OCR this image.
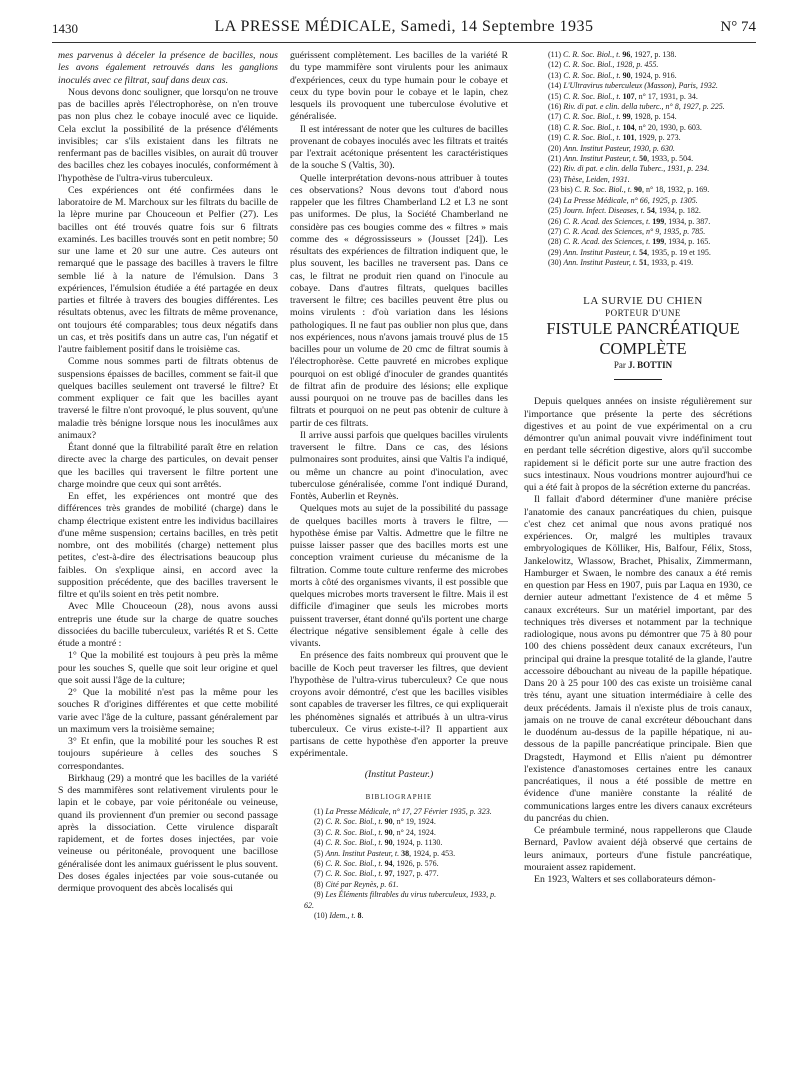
1430	LA PRESSE MÉDICALE, Samedi, 14 Septembre 1935	N° 74

mes parvenus à déceler la présence de bacilles, nous les avons également retrouvés dans les ganglions inoculés avec ce filtrat, sauf dans deux cas.

Nous devons donc souligner, que lorsqu'on ne trouve pas de bacilles après l'électrophorèse, on n'en trouve pas non plus chez le cobaye inoculé avec ce liquide. Cela exclut la possibilité de la présence d'éléments invisibles; car s'ils existaient dans les filtrats ne renfermant pas de bacilles visibles, on aurait dû trouver des bacilles chez les cobayes inoculés, conformément à l'hypothèse de l'ultra-virus tuberculeux.

Ces expériences ont été confirmées dans le laboratoire de M. Marchoux sur les filtrats du bacille de la lèpre murine par Chouceoun et Pelfier (27). Les bacilles ont été trouvés quatre fois sur 6 filtrats examinés. Les bacilles trouvés sont en petit nombre; 50 sur une lame et 20 sur une autre. Ces auteurs ont remarqué que le passage des bacilles à travers le filtre semble lié à la nature de l'émulsion. Dans 3 expériences, l'émulsion étudiée a été partagée en deux parties et filtrée à travers des bougies différentes. Les résultats obtenus, avec les filtrats de même provenance, ont toujours été comparables; tous deux négatifs dans un cas, et très positifs dans un autre cas, l'un négatif et l'autre faiblement positif dans le troisième cas.

Comme nous sommes parti de filtrats obtenus de suspensions épaisses de bacilles, comment se fait-il que quelques bacilles seulement ont traversé le filtre? Et comment expliquer ce fait que les bacilles ayant traversé le filtre n'ont provoqué, le plus souvent, qu'une maladie très bénigne lorsque nous les inoculâmes aux animaux?

Étant donné que la filtrabilité paraît être en relation directe avec la charge des particules, on devait penser que les bacilles qui traversent le filtre portent une charge moindre que ceux qui sont arrêtés.

En effet, les expériences ont montré que des différences très grandes de mobilité (charge) dans le champ électrique existent entre les individus bacillaires d'une même suspension; certains bacilles, en très petit nombre, ont des mobilités (charge) nettement plus petites, c'est-à-dire des électrisations beaucoup plus faibles. On s'explique ainsi, en accord avec la supposition précédente, que des bacilles traversent le filtre et qu'ils soient en très petit nombre.

Avec Mlle Chouceoun (28), nous avons aussi entrepris une étude sur la charge de quatre souches dissociées du bacille tuberculeux, variétés R et S. Cette étude a montré :

1° Que la mobilité est toujours à peu près la même pour les souches S, quelle que soit leur origine et quel que soit aussi l'âge de la culture;

2° Que la mobilité n'est pas la même pour les souches R d'origines différentes et que cette mobilité varie avec l'âge de la culture, passant généralement par un maximum vers la troisième semaine;

3° Et enfin, que la mobilité pour les souches R est toujours supérieure à celles des souches S correspondantes.

Birkhaug (29) a montré que les bacilles de la variété S des mammifères sont relativement virulents pour le lapin et le cobaye, par voie péritonéale ou veineuse, quand ils proviennent d'un premier ou second passage après la dissociation. Cette virulence disparaît rapidement, et de fortes doses injectées, par voie veineuse ou péritonéale, provoquent une bacillose généralisée dont les animaux guérissent le plus souvent. Des doses égales injectées par voie sous-cutanée ou dermique provoquent des abcès localisés qui

guérissent complètement. Les bacilles de la variété R du type mammifère sont virulents pour les animaux d'expériences, ceux du type humain pour le cobaye et ceux du type bovin pour le cobaye et le lapin, chez lesquels ils provoquent une tuberculose évolutive et généralisée.

Il est intéressant de noter que les cultures de bacilles provenant de cobayes inoculés avec les filtrats et traités par l'extrait acétonique présentent les caractéristiques de la souche S (Valtis, 30).

Quelle interprétation devons-nous attribuer à toutes ces observations? Nous devons tout d'abord nous rappeler que les filtres Chamberland L2 et L3 ne sont pas uniformes. De plus, la Société Chamberland ne considère pas ces bougies comme des « filtres » mais comme des « dégrossisseurs » (Jousset [24]). Les résultats des expériences de filtration indiquent que, le plus souvent, les bacilles ne traversent pas. Dans ce cas, le filtrat ne produit rien quand on l'inocule au cobaye. Dans d'autres filtrats, quelques bacilles traversent le filtre; ces bacilles peuvent être plus ou moins virulents : d'où variation dans les lésions pathologiques. Il ne faut pas oublier non plus que, dans nos expériences, nous n'avons jamais trouvé plus de 15 bacilles pour un volume de 20 cmc de filtrat soumis à l'électrophorèse. Cette pauvreté en microbes explique pourquoi on est obligé d'inoculer de grandes quantités de filtrat afin de produire des lésions; elle explique aussi pourquoi on ne trouve pas de bacilles dans les filtrats et pourquoi on ne peut pas obtenir de culture à partir de ces filtrats.

Il arrive aussi parfois que quelques bacilles virulents traversent le filtre. Dans ce cas, des lésions pulmonaires sont produites, ainsi que Valtis l'a indiqué, ou même un chancre au point d'inoculation, avec tuberculose généralisée, comme l'ont indiqué Durand, Fontès, Auberlin et Reynès.

Quelques mots au sujet de la possibilité du passage de quelques bacilles morts à travers le filtre, — hypothèse émise par Valtis. Admettre que le filtre ne puisse laisser passer que des bacilles morts est une conception vraiment curieuse du mécanisme de la filtration. Comme toute culture renferme des microbes morts à côté des organismes vivants, il est possible que quelques microbes morts traversent le filtre. Mais il est difficile d'imaginer que seuls les microbes morts puissent traverser, étant donné qu'ils portent une charge électrique négative sensiblement égale à celle des vivants.

En présence des faits nombreux qui prouvent que le bacille de Koch peut traverser les filtres, que devient l'hypothèse de l'ultra-virus tuberculeux? Ce que nous croyons avoir démontré, c'est que les bacilles visibles sont capables de traverser les filtres, ce qui expliquerait les phénomènes signalés et attribués à un ultra-virus tuberculeux. Ce virus existe-t-il? Il appartient aux partisans de cette hypothèse d'en apporter la preuve expérimentale.

(Institut Pasteur.)

BIBLIOGRAPHIE

(1) La Presse Médicale, n° 17, 27 Février 1935, p. 323.

(2) C. R. Soc. Biol., t. 90, n° 19, 1924.

(3) C. R. Soc. Biol., t. 90, n° 24, 1924.

(4) C. R. Soc. Biol., t. 90, 1924, p. 1130.

(5) Ann. Institut Pasteur, t. 38, 1924, p. 453.

(6) C. R. Soc. Biol., t. 94, 1926, p. 576.

(7) C. R. Soc. Biol., t. 97, 1927, p. 477.

(8) Cité par Reynès, p. 61.

(9) Les Éléments filtrables du virus tuberculeux, 1933, p. 62.

(10) Idem., t. 8.

(11) C. R. Soc. Biol., t. 96, 1927, p. 138.

(12) C. R. Soc. Biol., 1928, p. 455.

(13) C. R. Soc. Biol., t. 90, 1924, p. 916.

(14) L'Ultravirus tuberculeux (Masson), Paris, 1932.

(15) C. R. Soc. Biol., t. 107, n° 17, 1931, p. 34.

(16) Riv. di pat. e clin. della tuberc., n° 8, 1927, p. 225.

(17) C. R. Soc. Biol., t. 99, 1928, p. 154.

(18) C. R. Soc. Biol., t. 104, n° 20, 1930, p. 603.

(19) C. R. Soc. Biol., t. 101, 1929, p. 273.

(20) Ann. Institut Pasteur, 1930, p. 630.

(21) Ann. Institut Pasteur, t. 50, 1933, p. 504.

(22) Riv. di pat. e clin. della Tuberc., 1931, p. 234.

(23) Thèse, Leiden, 1931.

(23 bis) C. R. Soc. Biol., t. 90, n° 18, 1932, p. 169.

(24) La Presse Médicale, n° 66, 1925, p. 1305.

(25) Journ. Infect. Diseases, t. 54, 1934, p. 182.

(26) C. R. Acad. des Sciences, t. 199, 1934, p. 387.

(27) C. R. Acad. des Sciences, n° 9, 1935, p. 785.

(28) C. R. Acad. des Sciences, t. 199, 1934, p. 165.

(29) Ann. Institut Pasteur, t. 54, 1935, p. 19 et 195.

(30) Ann. Institut Pasteur, t. 51, 1933, p. 419.

LA SURVIE DU CHIEN

PORTEUR D'UNE

FISTULE PANCRÉATIQUE

COMPLÈTE

Par J. BOTTIN

Depuis quelques années on insiste régulièrement sur l'importance que présente la perte des sécrétions digestives et au point de vue expérimental on a cru démontrer qu'un animal pouvait vivre indéfiniment tout en perdant telle sécrétion digestive, alors qu'il succombe rapidement si le déficit porte sur une autre fraction des sucs intestinaux. Nous voudrions montrer aujourd'hui ce qui a été fait à propos de la sécrétion externe du pancréas.

Il fallait d'abord déterminer d'une manière précise l'anatomie des canaux pancréatiques du chien, puisque c'est chez cet animal que nous avons pratiqué nos expériences. Or, malgré les multiples travaux embryologiques de Kölliker, His, Balfour, Félix, Stoss, Jankelowitz, Wlassow, Brachet, Phisalix, Zimmermann, Hamburger et Swaen, le nombre des canaux a été remis en question par Hess en 1907, puis par Laqua en 1930, ce dernier auteur admettant l'existence de 4 et même 5 canaux excréteurs. Sur un matériel important, par des techniques très diverses et notamment par la technique radiologique, nous avons pu démontrer que 75 à 80 pour 100 des chiens possèdent deux canaux excréteurs, l'un principal qui draine la presque totalité de la glande, l'autre accessoire débouchant au niveau de la papille hépatique. Dans 20 à 25 pour 100 des cas existe un troisième canal très ténu, ayant une situation intermédiaire à celle des deux précédents. Jamais il n'existe plus de trois canaux, jamais on ne trouve de canal excréteur débouchant dans le duodénum au-dessus de la papille hépatique, ni au-dessous de la papille pancréatique principale. Bien que Dragstedt, Haymond et Ellis n'aient pu démontrer l'existence d'anastomoses certaines entre les canaux pancréatiques, il nous a été possible de mettre en évidence d'une manière constante la réalité de communications larges entre les divers canaux excréteurs du pancréas du chien.

Ce préambule terminé, nous rappellerons que Claude Bernard, Pavlow avaient déjà observé que certains de leurs animaux, porteurs d'une fistule pancréatique, mouraient assez rapidement.

En 1923, Walters et ses collaborateurs démon-
